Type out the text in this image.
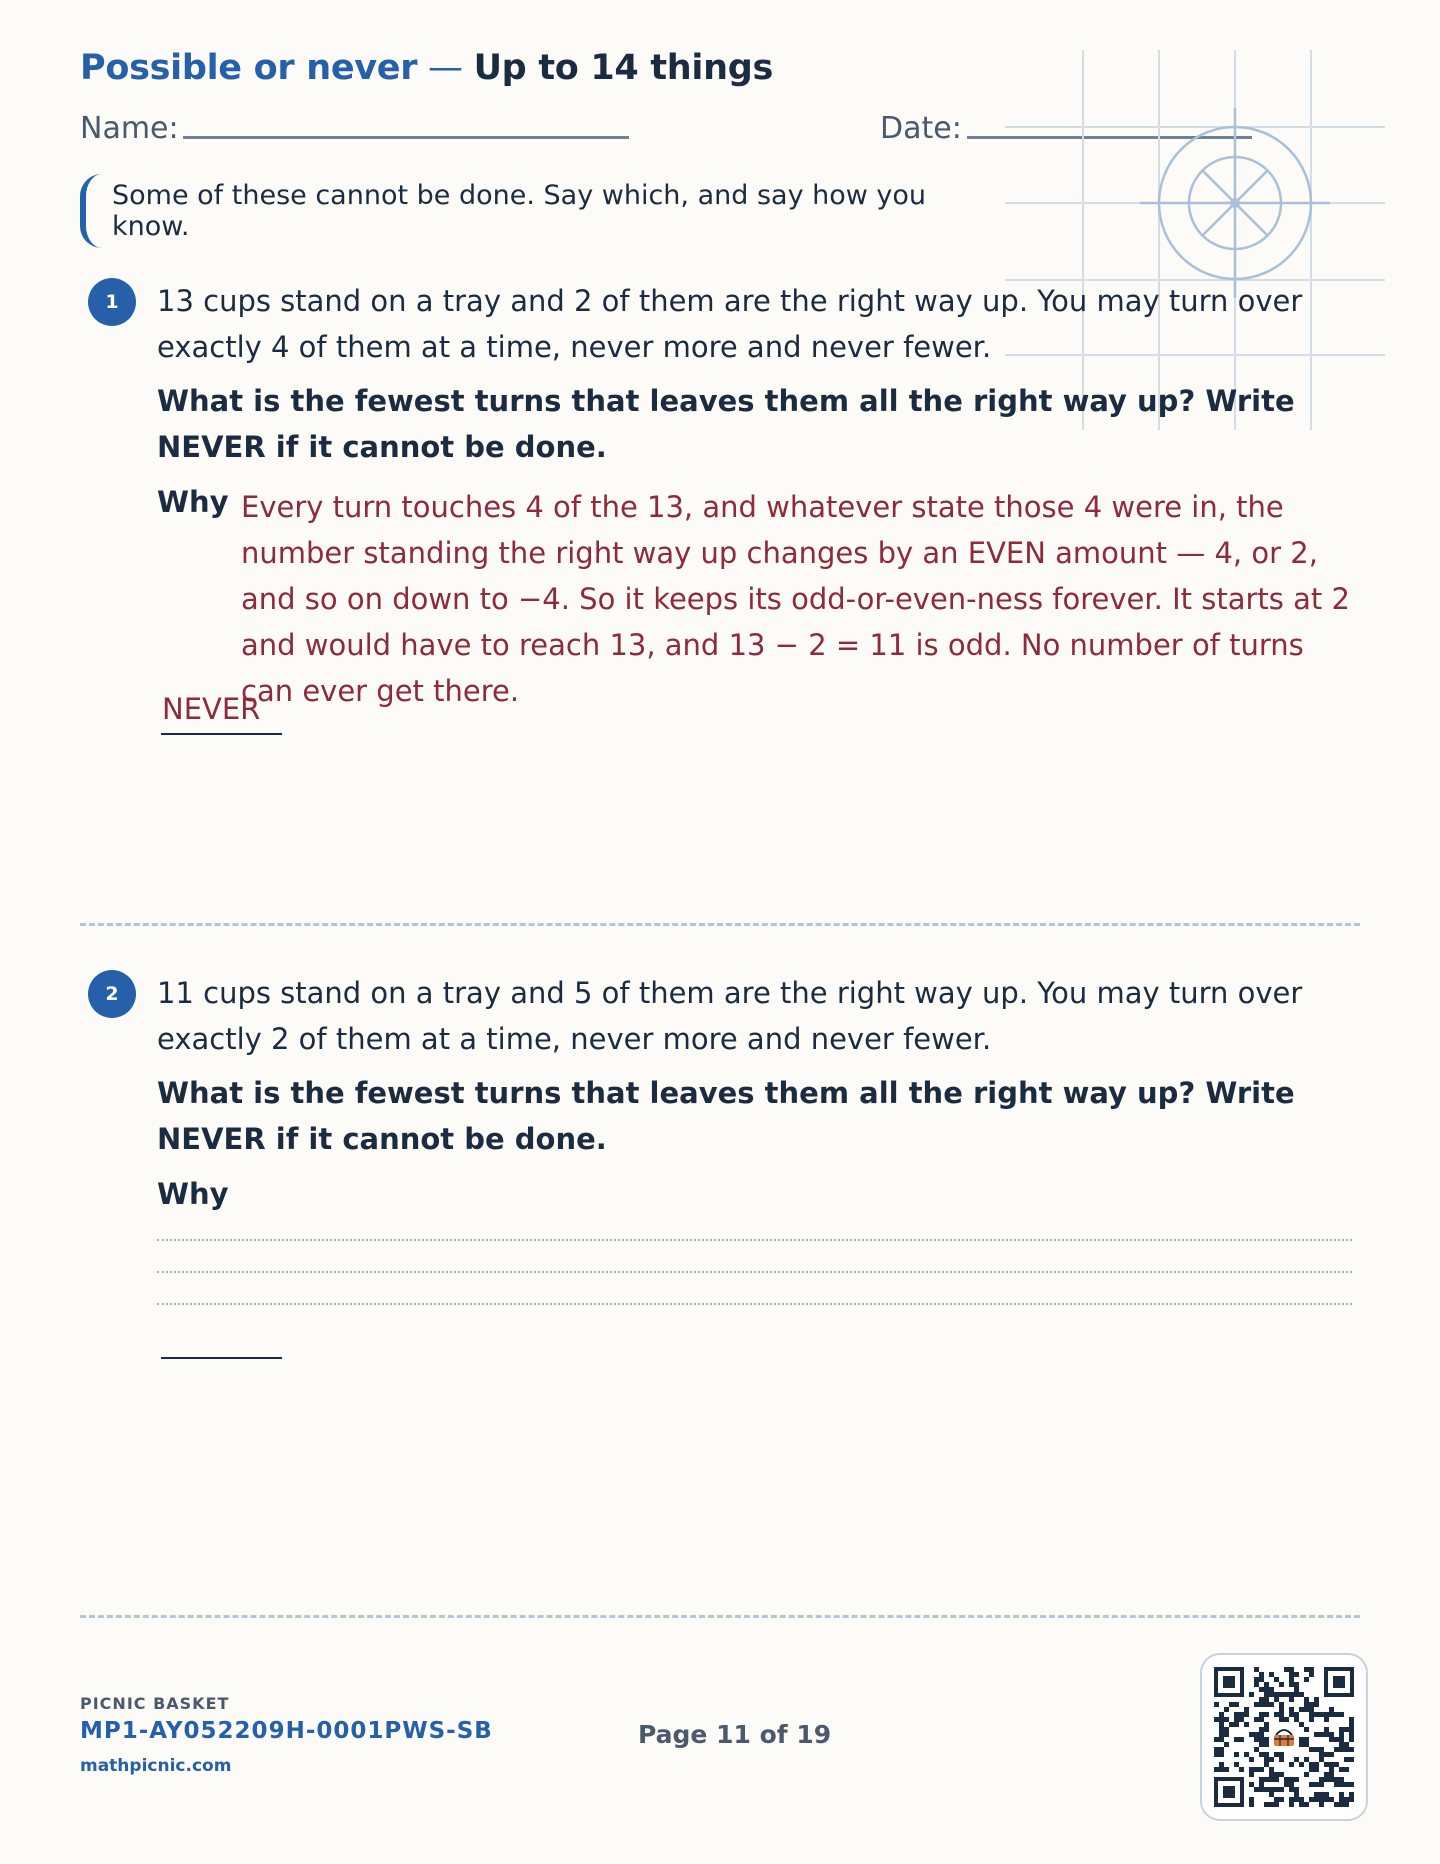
Possible or never — Up to 14 things
Name:	Date:
Some of these cannot be done. Say which, and say how you know.
1	13 cups stand on a tray and 2 of them are the right way up. You may turn over exactly 4 of them at a time, never more and never fewer.

What is the fewest turns that leaves them all the right way up? Write NEVER if it cannot be done.

Why Every turn touches 4 of the 13, and whatever state those 4 were in, the number standing the right way up changes by an EVEN amount — 4, or 2, and so on down to −4. So it keeps its odd-or-even-ness forever. It starts at 2 and would have to reach 13, and 13 − 2 = 11 is odd. No number of turns can ever get there.

NEVER
2	11 cups stand on a tray and 5 of them are the right way up. You may turn over exactly 2 of them at a time, never more and never fewer.

What is the fewest turns that leaves them all the right way up? Write NEVER if it cannot be done.

Why
PICNIC BASKET
MP1-AY052209H-0001PWS-SB
mathpicnic.com
Page 11 of 19
